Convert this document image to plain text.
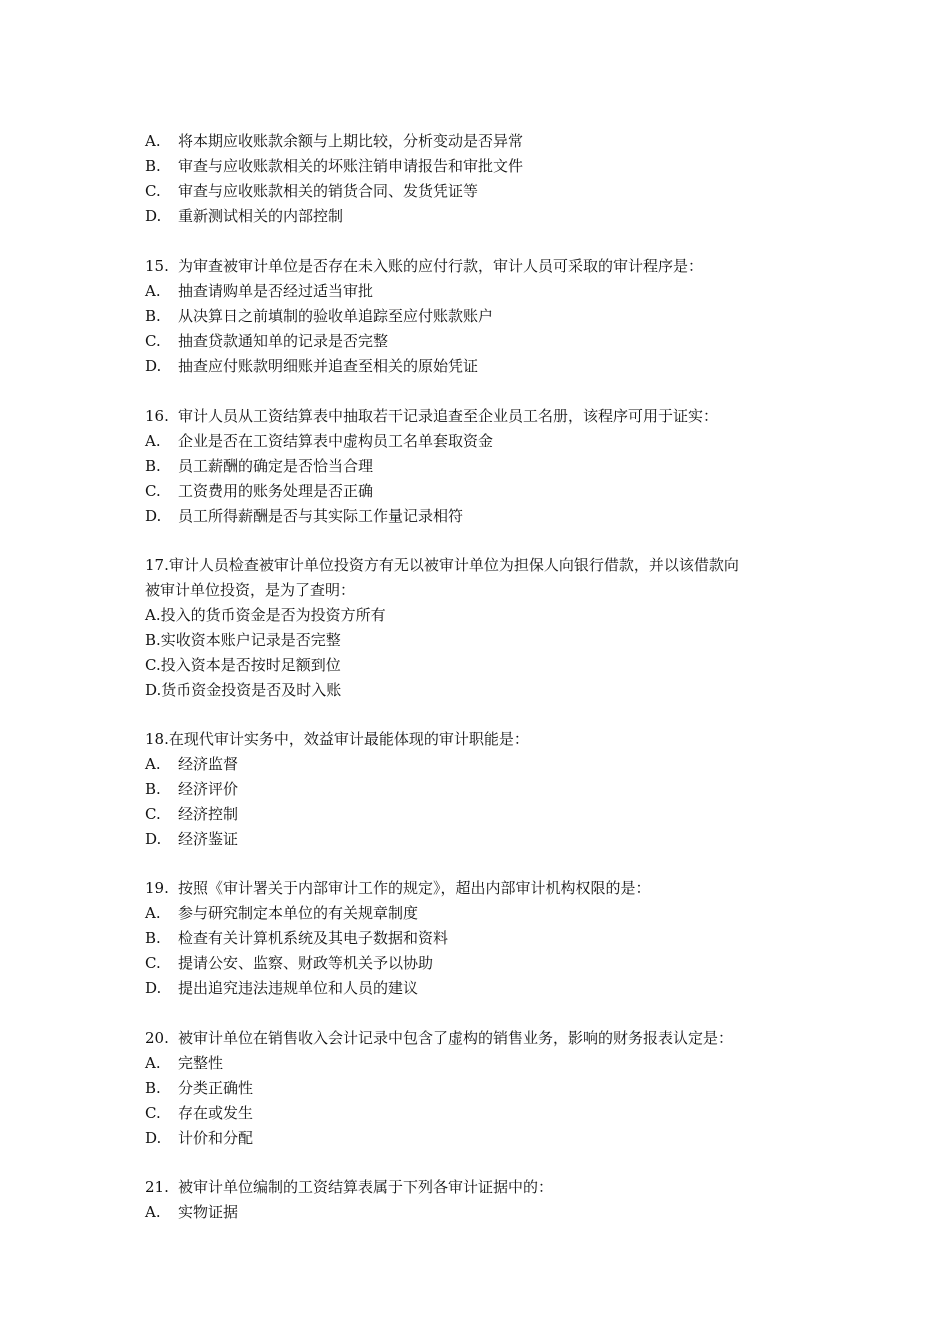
A. 将本期应收账款余额与上期比较，分析变动是否异常
B. 审查与应收账款相关的坏账注销申请报告和审批文件
C. 审查与应收账款相关的销货合同、发货凭证等
D. 重新测试相关的内部控制
15. 为审查被审计单位是否存在未入账的应付行款，审计人员可采取的审计程序是：
A. 抽查请购单是否经过适当审批
B. 从决算日之前填制的验收单追踪至应付账款账户
C. 抽查贷款通知单的记录是否完整
D. 抽查应付账款明细账并追查至相关的原始凭证
16. 审计人员从工资结算表中抽取若干记录追查至企业员工名册，该程序可用于证实：
A. 企业是否在工资结算表中虚构员工名单套取资金
B. 员工薪酬的确定是否恰当合理
C. 工资费用的账务处理是否正确
D. 员工所得薪酬是否与其实际工作量记录相符
17.审计人员检查被审计单位投资方有无以被审计单位为担保人向银行借款，并以该借款向
被审计单位投资，是为了查明：
A.投入的货币资金是否为投资方所有
B.实收资本账户记录是否完整
C.投入资本是否按时足额到位
D.货币资金投资是否及时入账
18.在现代审计实务中，效益审计最能体现的审计职能是：
A. 经济监督
B. 经济评价
C. 经济控制
D. 经济鉴证
19. 按照《审计署关于内部审计工作的规定》，超出内部审计机构权限的是：
A. 参与研究制定本单位的有关规章制度
B. 检查有关计算机系统及其电子数据和资料
C. 提请公安、监察、财政等机关予以协助
D. 提出追究违法违规单位和人员的建议
20. 被审计单位在销售收入会计记录中包含了虚构的销售业务，影响的财务报表认定是：
A. 完整性
B. 分类正确性
C. 存在或发生
D. 计价和分配
21. 被审计单位编制的工资结算表属于下列各审计证据中的：
A. 实物证据
